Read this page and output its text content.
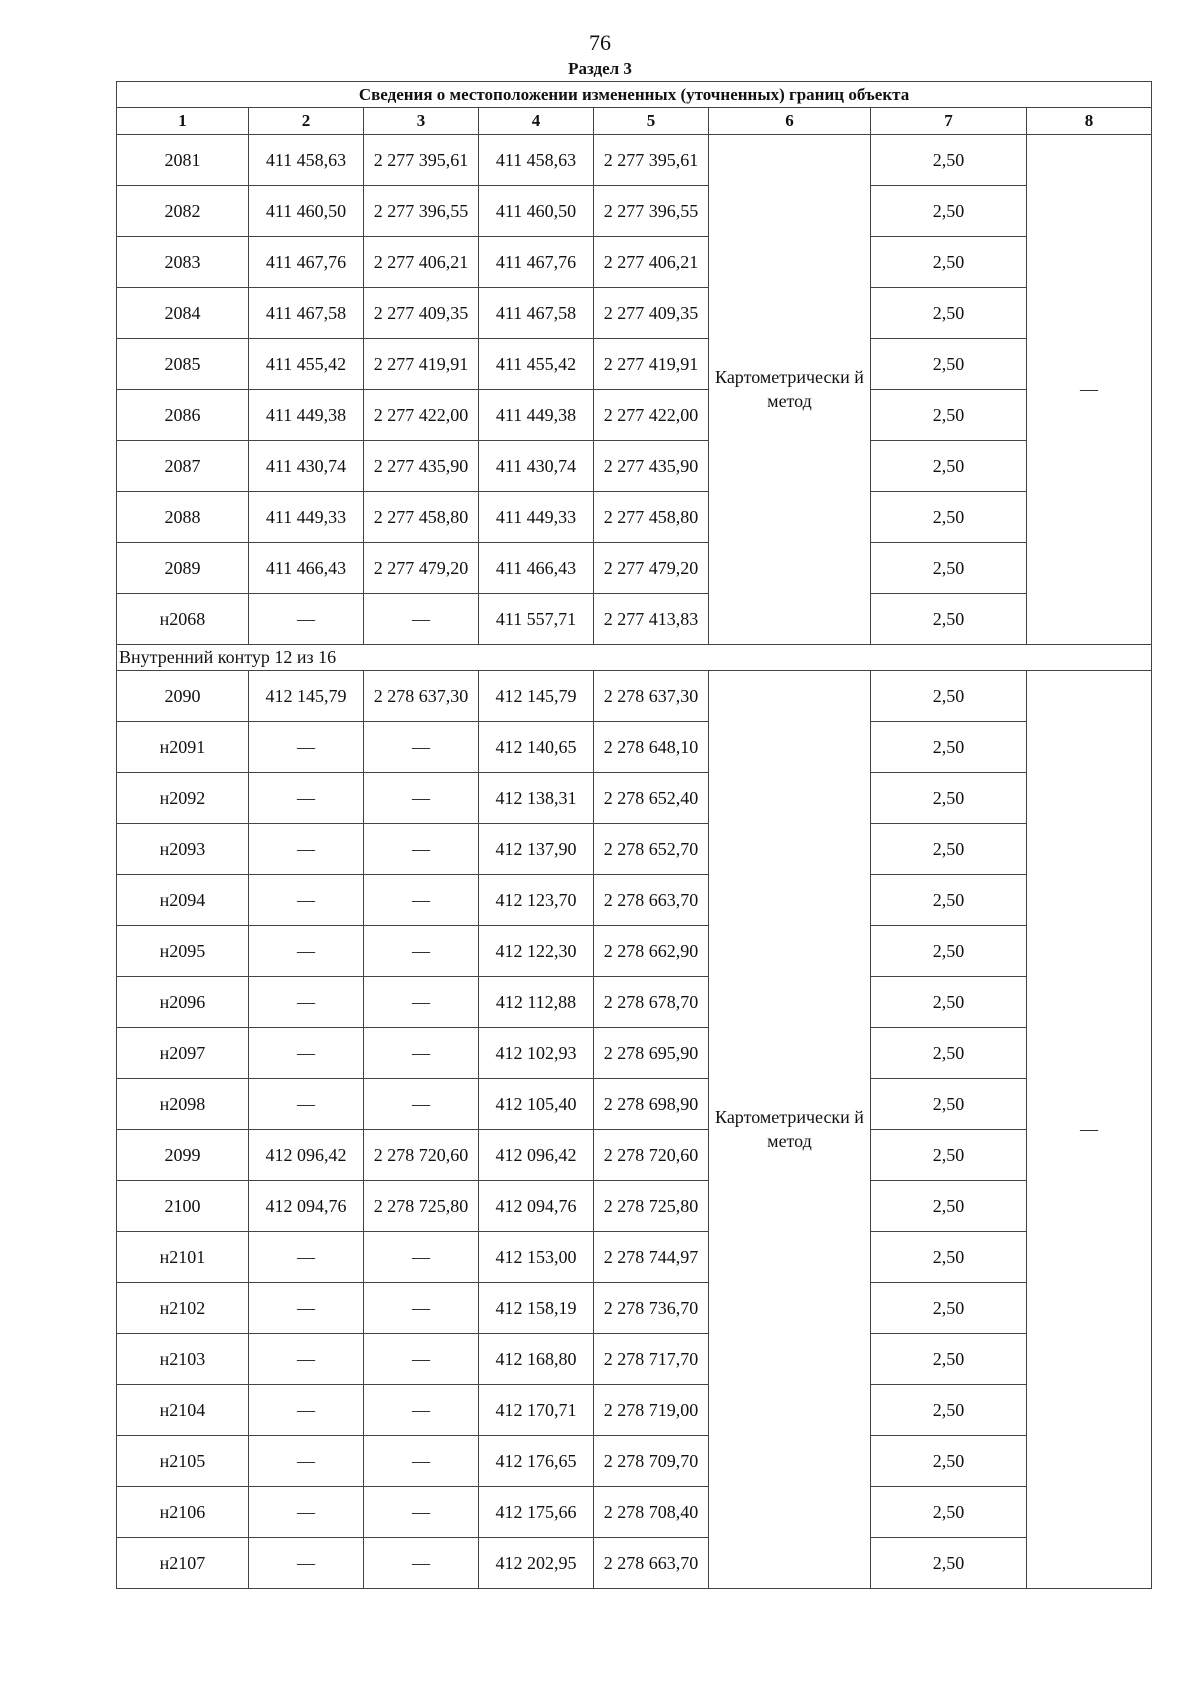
76
Раздел 3
Сведения о местоположении измененных (уточненных) границ объекта							
1	2	3	4	5	6	7	8
2081	411 458,63	2 277 395,61	411 458,63	2 277 395,61	Картометрически й метод	2,50	—
2082	411 460,50	2 277 396,55	411 460,50	2 277 396,55		2,50	
2083	411 467,76	2 277 406,21	411 467,76	2 277 406,21		2,50	
2084	411 467,58	2 277 409,35	411 467,58	2 277 409,35		2,50	
2085	411 455,42	2 277 419,91	411 455,42	2 277 419,91		2,50	
2086	411 449,38	2 277 422,00	411 449,38	2 277 422,00		2,50	
2087	411 430,74	2 277 435,90	411 430,74	2 277 435,90		2,50	
2088	411 449,33	2 277 458,80	411 449,33	2 277 458,80		2,50	
2089	411 466,43	2 277 479,20	411 466,43	2 277 479,20		2,50	
н2068	—	—	411 557,71	2 277 413,83		2,50	
Внутренний контур 12 из 16							
2090	412 145,79	2 278 637,30	412 145,79	2 278 637,30	Картометрически й метод	2,50	—
н2091	—	—	412 140,65	2 278 648,10		2,50	
н2092	—	—	412 138,31	2 278 652,40		2,50	
н2093	—	—	412 137,90	2 278 652,70		2,50	
н2094	—	—	412 123,70	2 278 663,70		2,50	
н2095	—	—	412 122,30	2 278 662,90		2,50	
н2096	—	—	412 112,88	2 278 678,70		2,50	
н2097	—	—	412 102,93	2 278 695,90		2,50	
н2098	—	—	412 105,40	2 278 698,90		2,50	
2099	412 096,42	2 278 720,60	412 096,42	2 278 720,60		2,50	
2100	412 094,76	2 278 725,80	412 094,76	2 278 725,80		2,50	
н2101	—	—	412 153,00	2 278 744,97		2,50	
н2102	—	—	412 158,19	2 278 736,70		2,50	
н2103	—	—	412 168,80	2 278 717,70		2,50	
н2104	—	—	412 170,71	2 278 719,00		2,50	
н2105	—	—	412 176,65	2 278 709,70		2,50	
н2106	—	—	412 175,66	2 278 708,40		2,50	
н2107	—	—	412 202,95	2 278 663,70		2,50	
